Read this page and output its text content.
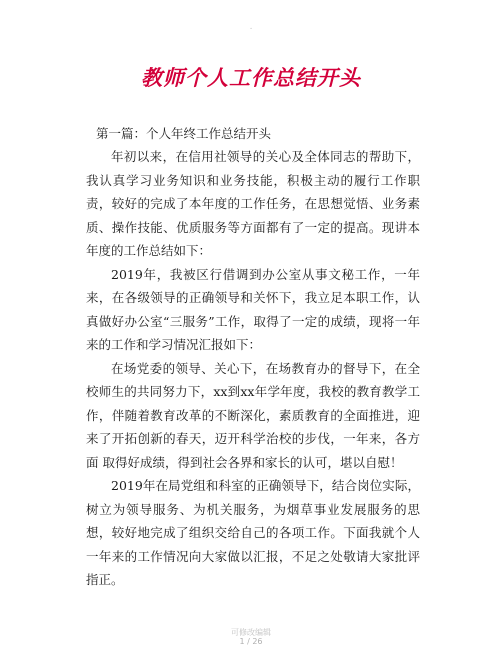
.
教师个人工作总结开头
第一篇：个人年终工作总结开头

年初以来，在信用社领导的关心及全体同志的帮助下，我认真学习业务知识和业务技能，积极主动的履行工作职责，较好的完成了本年度的工作任务，在思想觉悟、业务素质、操作技能、优质服务等方面都有了一定的提高。现讲本年度的工作总结如下：

2019年，我被区行借调到办公室从事文秘工作，一年来，在各级领导的正确领导和关怀下，我立足本职工作，认真做好办公室“三服务”工作，取得了一定的成绩，现将一年来的工作和学习情况汇报如下：

在场党委的领导、关心下，在场教育办的督导下，在全校师生的共同努力下，xx到xx年学年度，我校的教育教学工作，伴随着教育改革的不断深化，素质教育的全面推进，迎来了开拓创新的春天，迈开科学治校的步伐，一年来，各方面 取得好成绩，得到社会各界和家长的认可，堪以自慰！

2019年在局党组和科室的正确领导下，结合岗位实际，树立为领导服务、为机关服务，为烟草事业发展服务的思想，较好地完成了组织交给自己的各项工作。下面我就个人一年来的工作情况向大家做以汇报，不足之处敬请大家批评指正。

可修改编辑
1 / 26
